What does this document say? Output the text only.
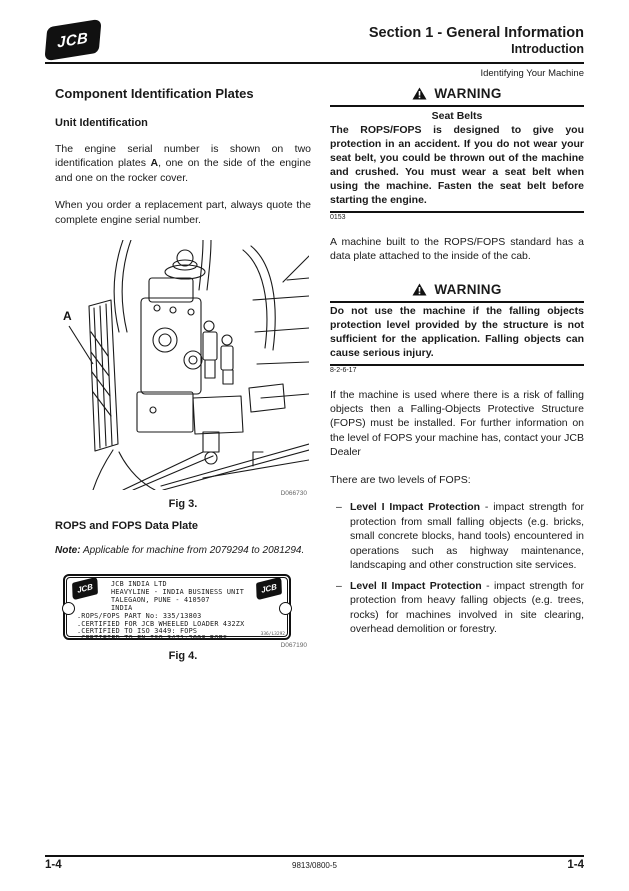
JCB	Section 1 - General Information
Introduction
Identifying Your Machine
Component Identification Plates
Unit Identification

The engine serial number is shown on two identification plates A, one on the side of the engine and one on the rocker cover.

When you order a replacement part, always quote the complete engine serial number.

A
D066730
Fig 3.
ROPS and FOPS Data Plate

Note: Applicable for machine from 2079294 to 2081294.

JCB	JCB
JCB INDIA LTD
HEAVYLINE - INDIA BUSINESS UNIT
TALEGAON, PUNE - 410507
INDIA
.ROPS/FOPS PART No: 335/13803
.CERTIFIED FOR JCB WHEELED LOADER 432ZX
.CERTIFIED TO ISO 3449: FOPS
.CERTIFIED TO EN ISO 3471:2008 ROPS	336/L3292
D067190
Fig 4.
WARNING
Seat Belts
The ROPS/FOPS is designed to give you protection in an accident. If you do not wear your seat belt, you could be thrown out of the machine and crushed. You must wear a seat belt when using the machine. Fasten the seat belt before starting the engine.
0153

A machine built to the ROPS/FOPS standard has a data plate attached to the inside of the cab.

WARNING
Do not use the machine if the falling objects protection level provided by the structure is not sufficient for the application. Falling objects can cause serious injury.
8-2-6-17

If the machine is used where there is a risk of falling objects then a Falling-Objects Protective Structure (FOPS) must be installed. For further information on the level of FOPS your machine has, contact your JCB Dealer

There are two levels of FOPS:

– Level I Impact Protection - impact strength for protection from small falling objects (e.g. bricks, small concrete blocks, hand tools) encountered in operations such as highway maintenance, landscaping and other construction site services.
– Level II Impact Protection - impact strength for protection from heavy falling objects (e.g. trees, rocks) for machines involved in site clearing, overhead demolition or forestry.
1-4	9813/0800-5	1-4
